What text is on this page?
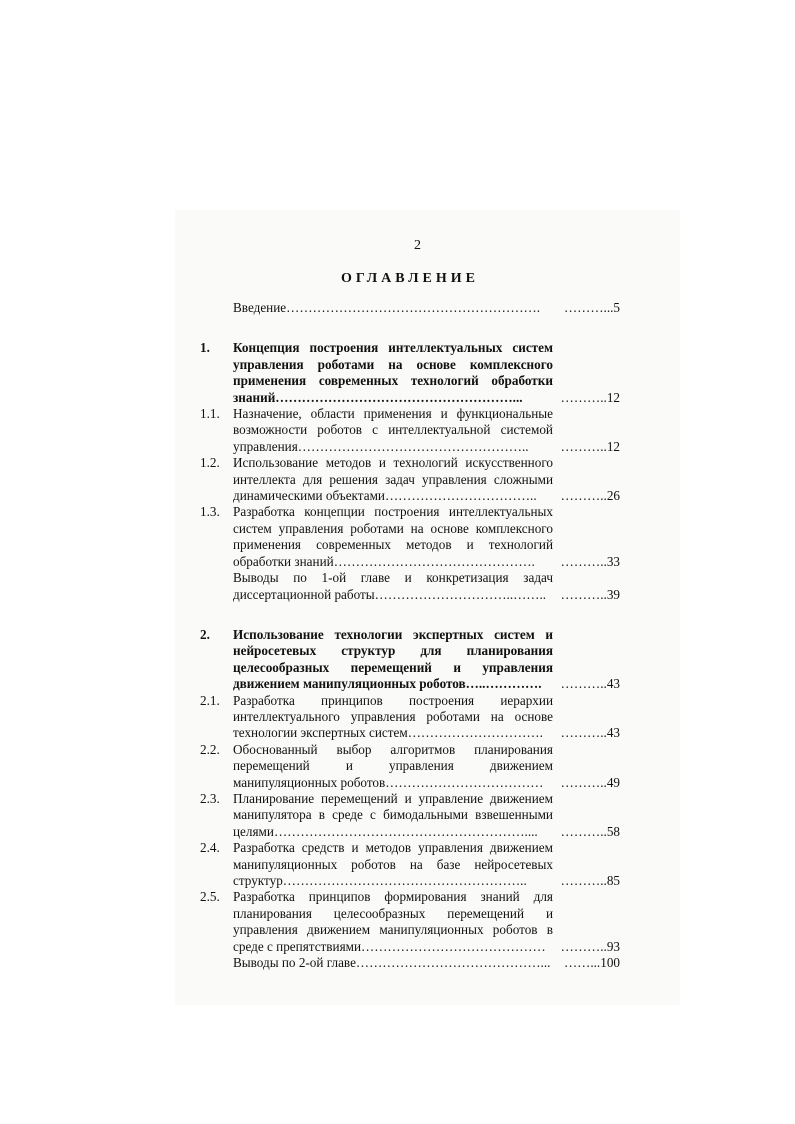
2
ОГЛАВЛЕНИЕ
Введение………………………………………………….	………...5
1.	Концепция построения интеллектуальных систем
управления роботами на основе комплексного
применения современных технологий обработки
знаний………………………………………………...	………..12
1.1.	Назначение, области применения и функциональные
возможности роботов с интеллектуальной системой
управления……………………………………………..	………..12
1.2.	Использование методов и технологий искусственного
интеллекта для решения задач управления сложными
динамическими объектами……………………………..	………..26
1.3.	Разработка концепции построения интеллектуальных
систем управления роботами на основе комплексного
применения современных методов и технологий
обработки знаний……………………………………….	………..33
Выводы по 1-ой главе и конкретизация задач
диссертационной работы…………………………..……..	………..39
2.	Использование технологии экспертных систем и
нейросетевых структур для планирования
целесообразных перемещений и управления
движением манипуляционных роботов…..………….	………..43
2.1.	Разработка принципов построения иерархии
интеллектуального управления роботами на основе
технологии экспертных систем………………………….	………..43
2.2.	Обоснованный выбор алгоритмов планирования
перемещений и управления движением
манипуляционных роботов………………………………	………..49
2.3.	Планирование перемещений и управление движением
манипулятора в среде с бимодальными взвешенными
целями…………………………………………………....	………..58
2.4.	Разработка средств и методов управления движением
манипуляционных роботов на базе нейросетевых
структур………………………………………………..	………..85
2.5.	Разработка принципов формирования знаний для
планирования целесообразных перемещений и
управления движением манипуляционных роботов в
среде с препятствиями……………………………………	………..93
Выводы по 2-ой главе……………………………………... ……...100
